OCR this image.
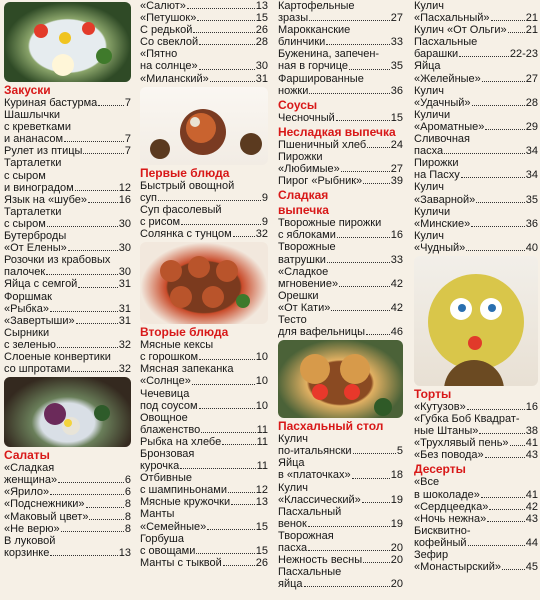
Закуски
Куриная бастурма	7
Шашлычки
с креветками
и ананасом	7
Рулет из птицы	7
Тарталетки
с сыром
и виноградом	12
Язык на «шубе»	16
Тарталетки
с сыром	30
Бутерброды
«От Елены»	30
Розочки из крабовых
палочек	30
Яйца с семгой	31
Форшмак
«Рыбка»	31
«Завертыши»	31
Сырники
с зеленью	32
Слоеные конвертики
со шпротами	32
Салаты
«Сладкая
женщина»	6
«Ярило»	6
«Подснежники»	8
«Маковый цвет»	8
«Не верю»	8
В луковой
корзинке	13
«Салют»	13
«Петушок»	15
С редькой	26
Со свеклой	28
«Пятно
на солнце»	30
«Миланский»	31
Первые блюда
Быстрый овощной
суп	9
Суп фасолевый
с рисом	9
Солянка с тунцом 32
Вторые блюда
Мясные кексы
с горошком	10
Мясная запеканка
«Солнце»	10
Чечевица
под соусом	10
Овощное
блаженство	11
Рыбка на хлебе	11
Бронзовая
курочка	11
Отбивные
с шампиньонами	12
Мясные кружочки 13
Манты
«Семейные»	15
Горбуша
с овощами	15
Манты с тыквой	26
Картофельные
зразы	27
Марокканские
блинчики	33
Буженина, запечен-
ная в горчице	35
Фаршированные
ножки	36
Соусы
Чесночный	15
Несладкая выпечка
Пшеничный хлеб 24
Пирожки
«Любимые»	27
Пирог «Рыбник»	39
Сладкая
выпечка
Творожные пирожки
с яблоками	16
Творожные
ватрушки	33
«Сладкое
мгновение»	42
Орешки
«От Кати»	42
Тесто
для вафельницы 46
Пасхальный стол
Кулич
по-итальянски	5
Яйца
в «платочках»	18
Кулич
«Классический»	19
Пасхальный
венок	19
Творожная
пасха	20
Нежность весны	20
Пасхальные
яйца	20
Кулич
«Пасхальный»	21
Кулич «От Ольги» 21
Пасхальные
барашки	22-23
Яйца
«Желейные»	27
Кулич
«Удачный»	28
Куличи
«Ароматные»	29
Сливочная
пасха	34
Пирожки
на Пасху	34
Кулич
«Заварной»	35
Куличи
«Минские»	36
Кулич
«Чудный»	40
Торты
«Кутузов»	16
«Губка Боб Квадрат-
ные Штаны»	38
«Трухлявый пень» 41
«Без повода»	43
Десерты
«Все
в шоколаде»	41
«Сердцеедка»	42
«Ночь нежна»	43
Бисквитно-
кофейный	44
Зефир
«Монастырский» 45
